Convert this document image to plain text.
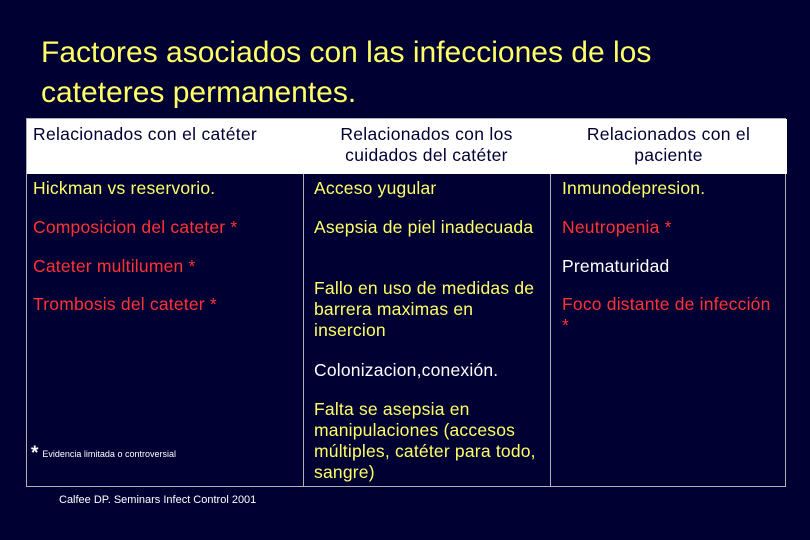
Factores asociados con las infecciones de los
cateteres permanentes.
Relacionados con el catéter	Relacionados con los cuidados del catéter
Relacionados con el paciente
Hickman vs reservorio.
Composicion del cateter *
Cateter multilumen *
Trombosis del cateter *
Acceso yugular
Asepsia de piel inadecuada
Fallo en uso de medidas de barrera maximas en insercion
Colonizacion,conexión.
Falta se asepsia en manipulaciones (accesos múltiples, catéter para todo, sangre)
Inmunodepresion.
Neutropenia *
Prematuridad
Foco distante de infección *
* Evidencia limitada o controversial
Calfee DP. Seminars Infect Control 2001
